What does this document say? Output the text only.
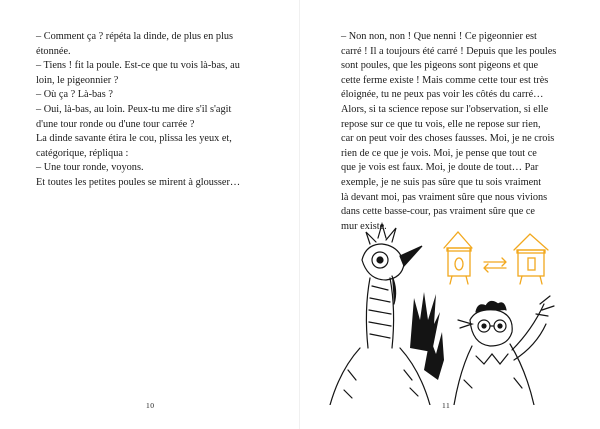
– Comment ça ? répéta la dinde, de plus en plus
étonnée.
– Tiens ! fit la poule. Est-ce que tu vois là-bas, au
loin, le pigeonnier ?
– Où ça ? Là-bas ?
– Oui, là-bas, au loin. Peux-tu me dire s'il s'agit
d'une tour ronde ou d'une tour carrée ?
La dinde savante étira le cou, plissa les yeux et,
catégorique, répliqua :
– Une tour ronde, voyons.
Et toutes les petites poules se mirent à glousser…
10
– Non non, non ! Que nenni ! Ce pigeonnier est
carré ! Il a toujours été carré ! Depuis que les poules
sont poules, que les pigeons sont pigeons et que
cette ferme existe ! Mais comme cette tour est très
éloignée, tu ne peux pas voir les côtés du carré…
Alors, si ta science repose sur l'observation, si elle
repose sur ce que tu vois, elle ne repose sur rien,
car on peut voir des choses fausses. Moi, je ne crois
rien de ce que je vois. Moi, je pense que tout ce
que je vois est faux. Moi, je doute de tout… Par
exemple, je ne suis pas sûre que tu sois vraiment
là devant moi, pas vraiment sûre que nous vivions
dans cette basse-cour, pas vraiment sûre que ce
mur existe.
11
